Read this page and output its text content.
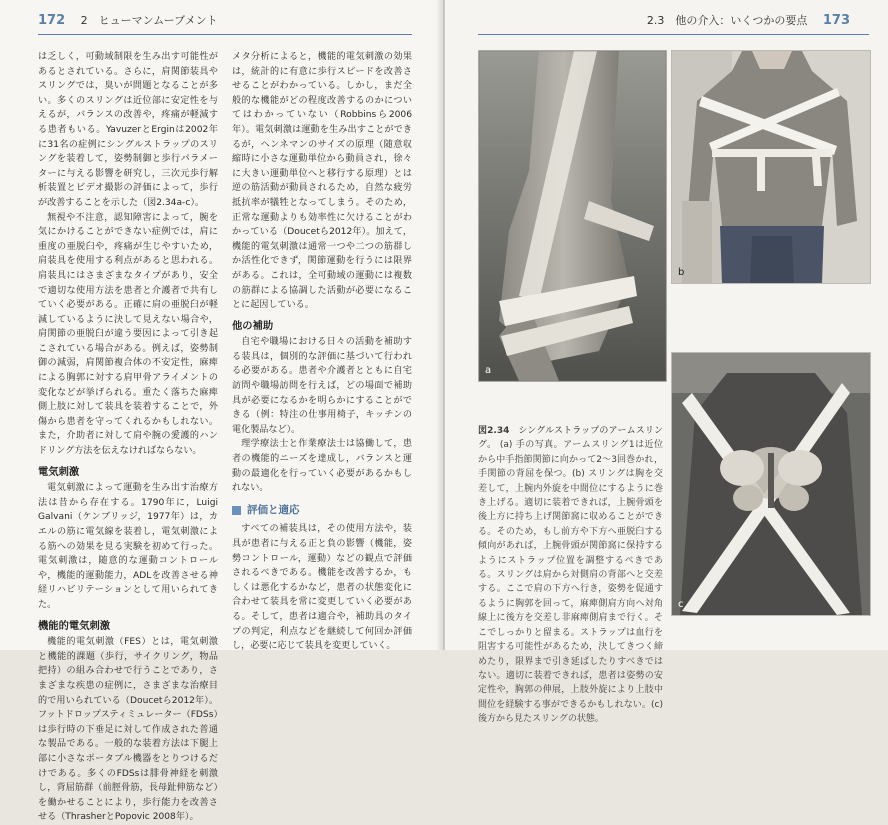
172 2　ヒューマンムーブメント

は乏しく，可動域制限を生み出す可能性があるとされている。さらに，肩関節装具やスリングでは，臭いが問題となることが多い。多くのスリングは近位部に安定性を与えるが，バランスの改善や，疼痛が軽減する患者もいる。YavuzerとErginは2002年に31名の症例にシングルストラップのスリングを装着して，姿勢制御と歩行パラメーターに与える影響を研究し，三次元歩行解析装置とビデオ撮影の評価によって，歩行が改善することを示した（図2.34a-c）。

無視や不注意，認知障害によって，腕を気にかけることができない症例では，肩に重度の亜脱臼や，疼痛が生じやすいため，肩装具を使用する利点があると思われる。肩装具にはさまざまなタイプがあり，安全で適切な使用方法を患者と介護者で共有していく必要がある。正確に肩の亜脱臼が軽減しているように決して見えない場合や，肩関節の亜脱臼が違う要因によって引き起こされている場合がある。例えば，姿勢制御の減弱，肩関節複合体の不安定性，麻痺による胸郭に対する肩甲骨アライメントの変化などが挙げられる。重たく落ちた麻痺側上肢に対して装具を装着することで，外傷から患者を守ってくれるかもしれない。また，介助者に対して肩や腕の愛護的ハンドリング方法を伝えなければならない。

電気刺激

電気刺激によって運動を生み出す治療方法は昔から存在する。1790年に，Luigi Galvani（ケンブリッジ，1977年）は，カエルの筋に電気線を装着し，電気刺激による筋への効果を見る実験を初めて行った。電気刺激は，随意的な運動コントロールや，機能的運動能力，ADLを改善させる神経リハビリテーションとして用いられてきた。

機能的電気刺激

機能的電気刺激（FES）とは，電気刺激と機能的課題（歩行，サイクリング，物品把持）の組み合わせで行うことであり，さまざまな疾患の症例に，さまざまな治療目的で用いられている（Doucetら2012年）。フットドロップスティミュレーター（FDSs）は歩行時の下垂足に対して作成された普通な製品である。一般的な装着方法は下腿上部に小さなポータブル機器をとりつけるだけである。多くのFDSsは腓骨神経を刺激し，背屈筋群（前脛骨筋，長母趾伸筋など）を働かせることにより，歩行能力を改善させる（ThrasherとPopovic 2008年）。

メタ分析によると，機能的電気刺激の効果は，統計的に有意に歩行スピードを改善させることがわかっている。しかし，まだ全般的な機能がどの程度改善するのかについてはわかっていない（Robbinsら2006年）。電気刺激は運動を生み出すことができるが，ヘンネマンのサイズの原理（随意収縮時に小さな運動単位から動員され，徐々に大きい運動単位へと移行する原理）とは逆の筋活動が動員されるため，自然な疲労抵抗率が犠牲となってしまう。そのため，正常な運動よりも効率性に欠けることがわかっている（Doucetら2012年）。加えて，機能的電気刺激は通常一つや二つの筋群しか活性化できず，関節運動を行うには限界がある。これは，全可動域の運動には複数の筋群による協調した活動が必要になることに起因している。

他の補助

自宅や職場における日々の活動を補助する装具は，個別的な評価に基づいて行われる必要がある。患者や介護者とともに自宅訪問や職場訪問を行えば，どの場面で補助具が必要になるかを明らかにすることができる（例：特注の仕事用椅子，キッチンの電化製品など）。

理学療法士と作業療法士は協働して，患者の機能的ニーズを達成し，バランスと運動の最適化を行っていく必要があるかもしれない。

評価と適応

すべての補装具は，その使用方法や，装具が患者に与える正と負の影響（機能，姿勢コントロール，運動）などの観点で評価されるべきである。機能を改善するか，もしくは悪化するかなど，患者の状態変化に合わせて装具を常に変更していく必要がある。そして，患者は適合や，補助具のタイプの判定，利点などを継続して何回か評価し，必要に応じて装具を変更していく。

2.3　他の介入：いくつかの要点 173
a
b
図2.34 シングルストラップのアームスリング。 (a) 手の写真。アームスリング1は近位から中手指節関節に向かって2〜3回巻かれ，手関節の背屈を保つ。(b) スリングは胸を交差して，上腕内外旋を中間位にするように巻き上げる。適切に装着できれば，上腕骨頭を後上方に持ち上げ関節窩に収めることができる。そのため，もし前方や下方へ亜脱臼する傾向があれば，上腕骨頭が関節窩に保持するようにストラップ位置を調整するべきである。スリングは肩から対側肩の背部へと交差する。ここで肩の下方へ行き，姿勢を促通するように胸郭を回って，麻痺側肩方向へ対角線上に後方を交差し非麻痺側肩まで行く。そこでしっかりと留まる。ストラップは血行を阻害する可能性があるため，決してきつく締めたり，限界まで引き延ばしたりすべきではない。適切に装着できれば，患者は姿勢の安定性や，胸郭の伸展，上肢外旋により上肢中間位を経験する事ができるかもしれない。(c) 後方から見たスリングの状態。
c
